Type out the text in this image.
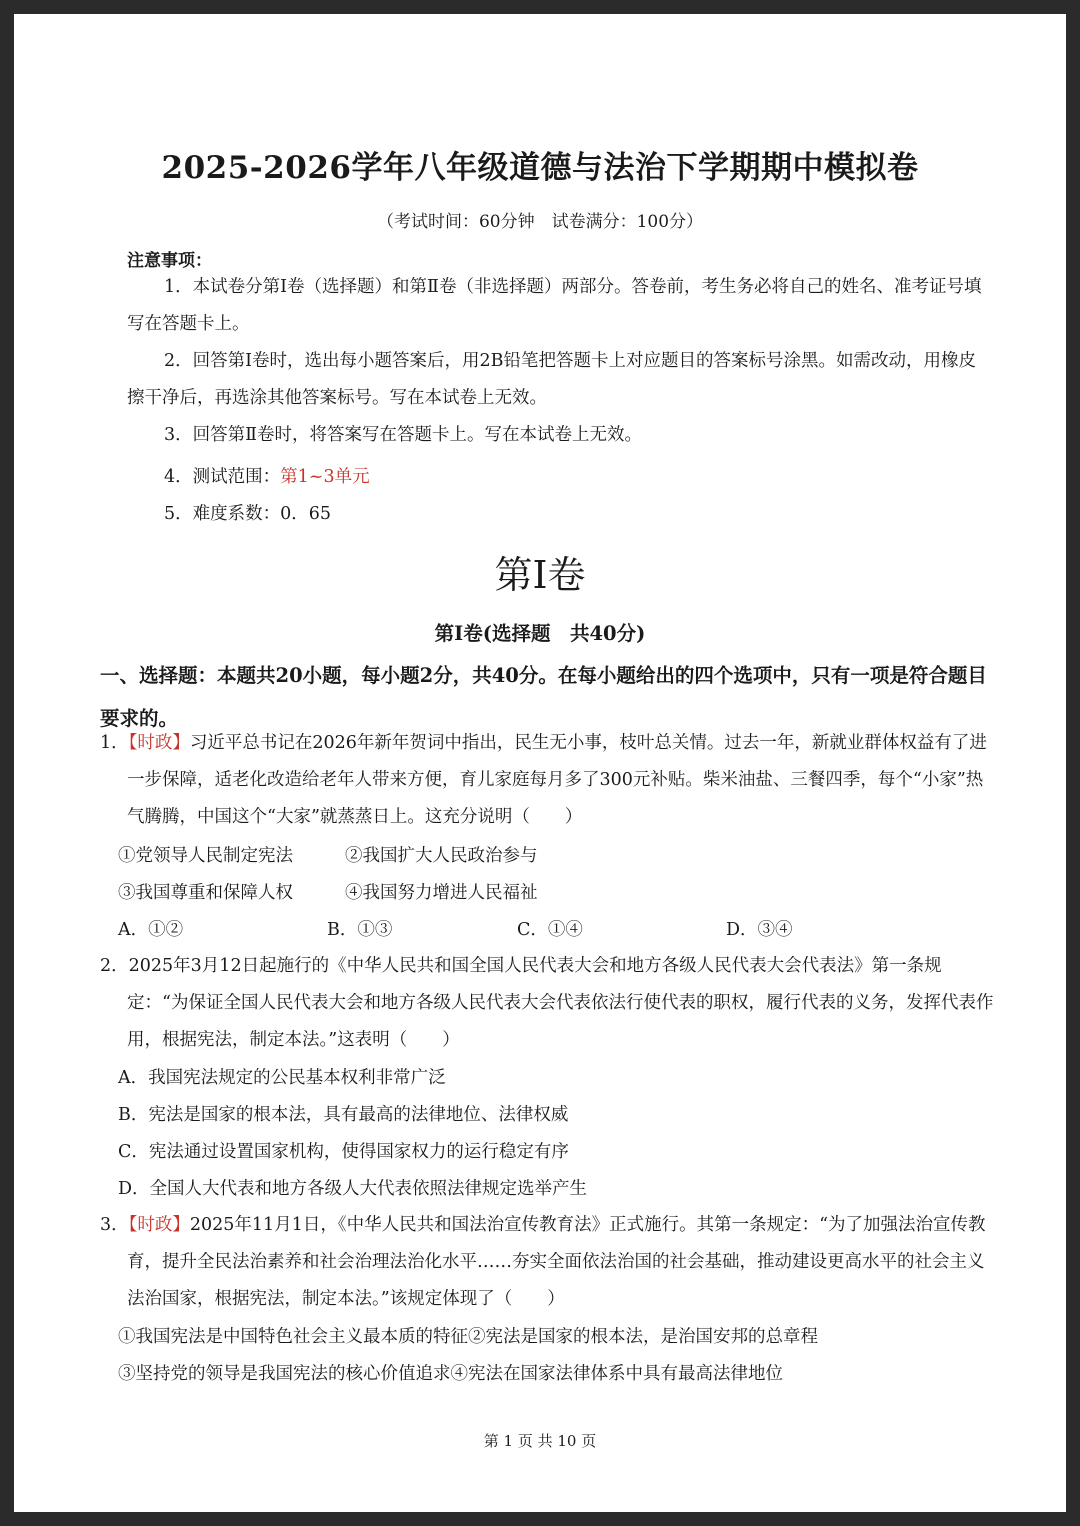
2025-2026学年八年级道德与法治下学期期中模拟卷
（考试时间：60分钟　试卷满分：100分）
注意事项：
1．本试卷分第Ⅰ卷（选择题）和第Ⅱ卷（非选择题）两部分。答卷前，考生务必将自己的姓名、准考证号填写在答题卡上。
2．回答第Ⅰ卷时，选出每小题答案后，用2B铅笔把答题卡上对应题目的答案标号涂黑。如需改动，用橡皮擦干净后，再选涂其他答案标号。写在本试卷上无效。
3．回答第Ⅱ卷时，将答案写在答题卡上。写在本试卷上无效。
4．测试范围：第1~3单元
5．难度系数：0．65
第Ⅰ卷
第Ⅰ卷(选择题　共40分)
一、选择题：本题共20小题，每小题2分，共40分。在每小题给出的四个选项中，只有一项是符合题目要求的。
1．【时政】习近平总书记在2026年新年贺词中指出，民生无小事，枝叶总关情。过去一年，新就业群体权益有了进一步保障，适老化改造给老年人带来方便，育儿家庭每月多了300元补贴。柴米油盐、三餐四季，每个“小家”热气腾腾，中国这个“大家”就蒸蒸日上。这充分说明（　　）
①党领导人民制定宪法	②我国扩大人民政治参与
③我国尊重和保障人权	④我国努力增进人民福祉
A．①②	B．①③	C．①④	D．③④
2．2025年3月12日起施行的《中华人民共和国全国人民代表大会和地方各级人民代表大会代表法》第一条规定：“为保证全国人民代表大会和地方各级人民代表大会代表依法行使代表的职权，履行代表的义务，发挥代表作用，根据宪法，制定本法。”这表明（　　）
A．我国宪法规定的公民基本权利非常广泛
B．宪法是国家的根本法，具有最高的法律地位、法律权威
C．宪法通过设置国家机构，使得国家权力的运行稳定有序
D．全国人大代表和地方各级人大代表依照法律规定选举产生
3．【时政】2025年11月1日，《中华人民共和国法治宣传教育法》正式施行。其第一条规定：“为了加强法治宣传教育，提升全民法治素养和社会治理法治化水平……夯实全面依法治国的社会基础，推动建设更高水平的社会主义法治国家，根据宪法，制定本法。”该规定体现了（　　）
①我国宪法是中国特色社会主义最本质的特征②宪法是国家的根本法，是治国安邦的总章程
③坚持党的领导是我国宪法的核心价值追求④宪法在国家法律体系中具有最高法律地位
第 1 页 共 10 页
